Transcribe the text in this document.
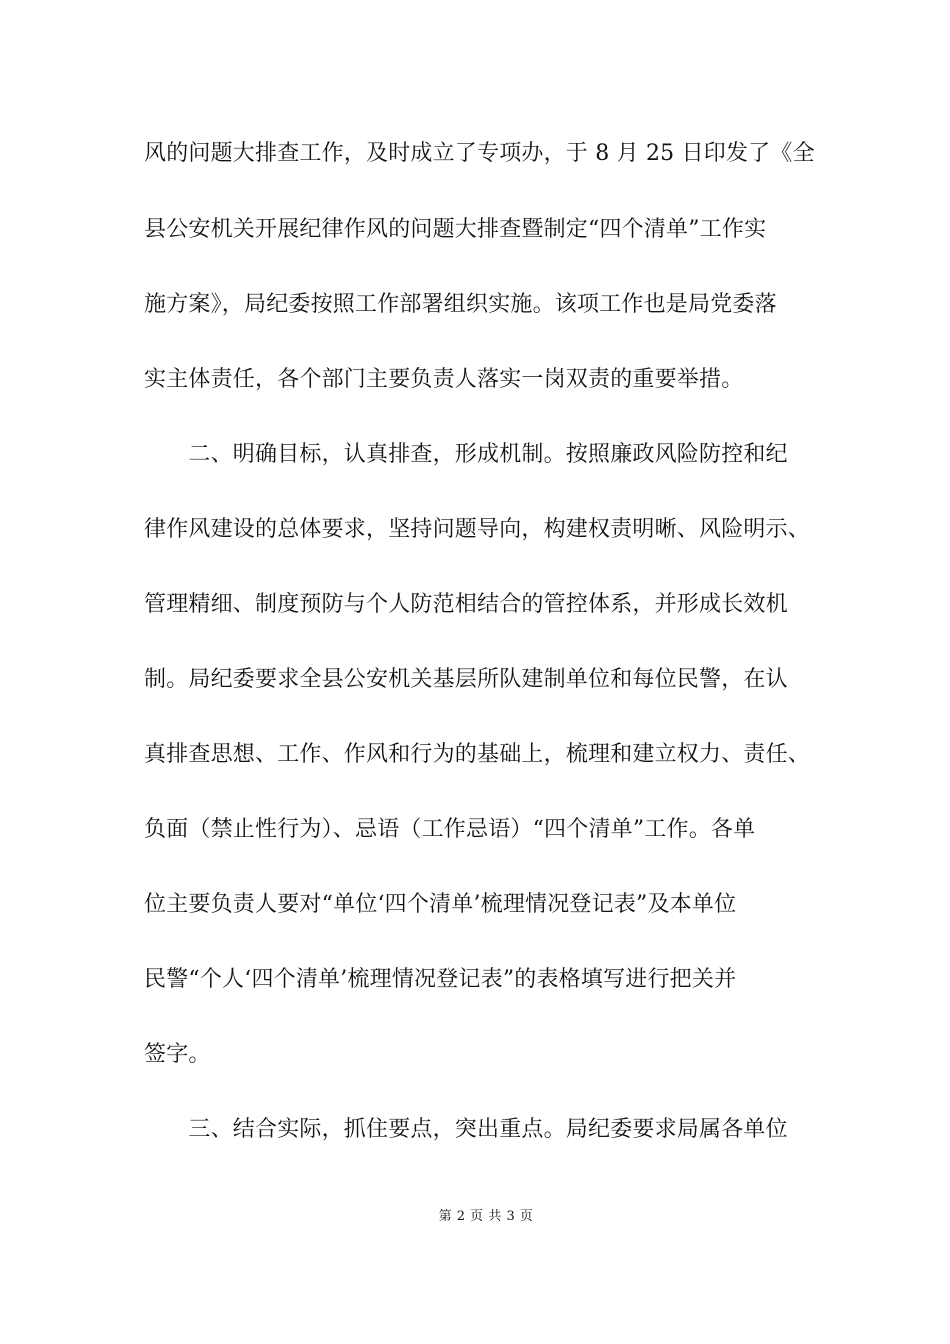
风的问题大排查工作，及时成立了专项办，于 8 月 25 日印发了《全
县公安机关开展纪律作风的问题大排查暨制定“四个清单”工作实
施方案》，局纪委按照工作部署组织实施。该项工作也是局党委落
实主体责任，各个部门主要负责人落实一岗双责的重要举措。
　　二、明确目标，认真排查，形成机制。按照廉政风险防控和纪
律作风建设的总体要求，坚持问题导向，构建权责明晰、风险明示、
管理精细、制度预防与个人防范相结合的管控体系，并形成长效机
制。局纪委要求全县公安机关基层所队建制单位和每位民警，在认
真排查思想、工作、作风和行为的基础上，梳理和建立权力、责任、
负面（禁止性行为）、忌语（工作忌语）“四个清单”工作。各单
位主要负责人要对“单位‘四个清单’梳理情况登记表”及本单位
民警“个人‘四个清单’梳理情况登记表”的表格填写进行把关并
签字。
　　三、结合实际，抓住要点，突出重点。局纪委要求局属各单位
第 2 页 共 3 页
